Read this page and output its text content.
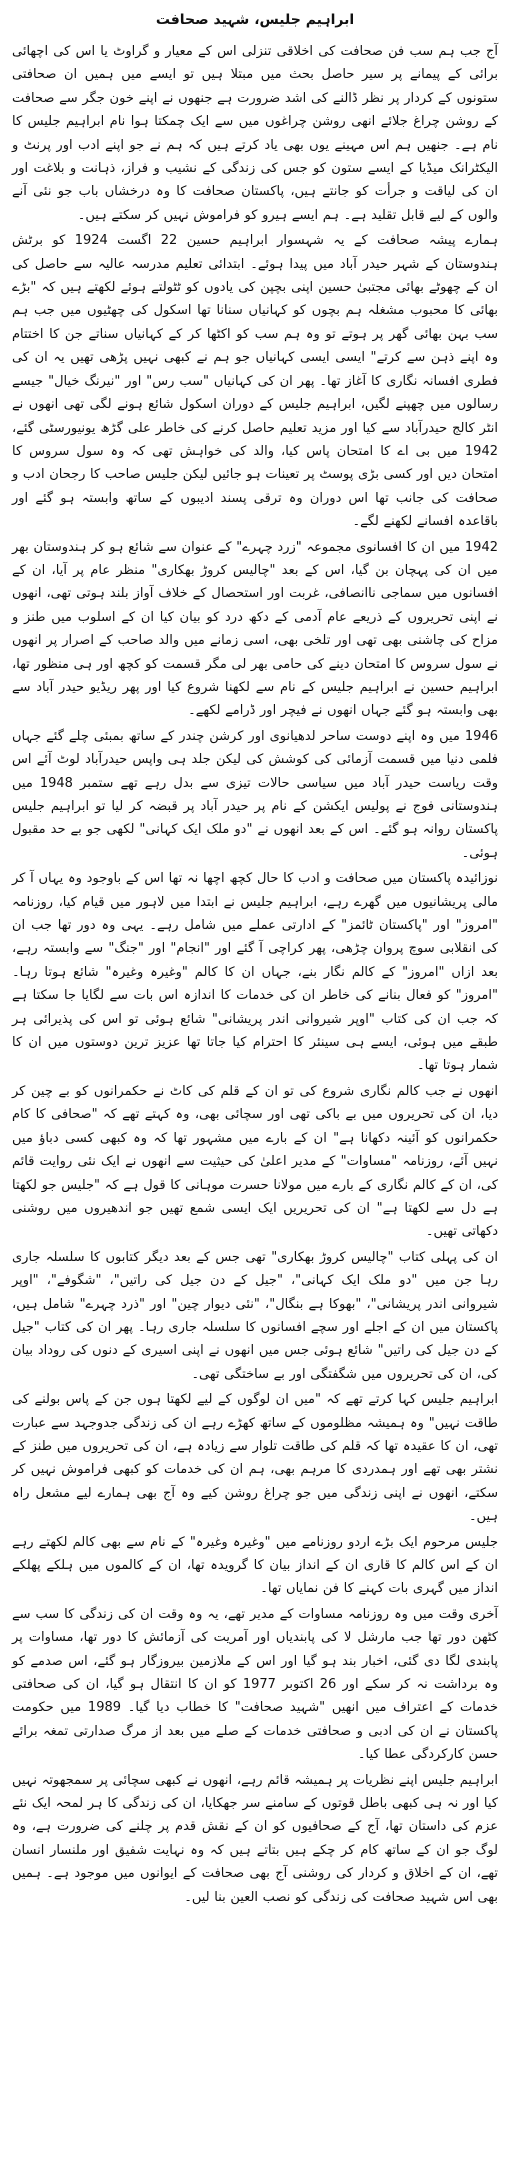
ابراہیم جلیس، شہید صحافت

آج جب ہم سب فن صحافت کی اخلاقی تنزلی اس کے معیار و گراوٹ یا اس کی اچھائی برائی کے پیمانے پر سیر حاصل بحث میں مبتلا ہیں تو ایسے میں ہمیں ان صحافتی ستونوں کے کردار پر نظر ڈالنے کی اشد ضرورت ہے جنھوں نے اپنے خون جگر سے صحافت کے روشن چراغ جلائے انھی روشن چراغوں میں سے ایک چمکتا ہوا نام ابراہیم جلیس کا نام ہے۔ جنھیں ہم اس مہینے یوں بھی یاد کرتے ہیں کہ ہم نے جو اپنے ادب اور پرنٹ و الیکٹرانک میڈیا کے ایسے ستون کو جس کی زندگی کے نشیب و فراز، ذہانت و بلاغت اور ان کی لیاقت و جرأت کو جانتے ہیں، پاکستان صحافت کا وہ درخشاں باب جو نئی آنے والوں کے لیے قابل تقلید ہے۔ ہم ایسے ہیرو کو فراموش نہیں کر سکتے ہیں۔

ہمارے پیشہ صحافت کے یہ شہسوار ابراہیم حسین 22 اگست 1924 کو برٹش ہندوستان کے شہر حیدر آباد میں پیدا ہوئے۔ ابتدائی تعلیم مدرسہ عالیہ سے حاصل کی ان کے چھوٹے بھائی مجتبیٰ حسین اپنی بچپن کی یادوں کو ٹٹولتے ہوئے لکھتے ہیں کہ "بڑے بھائی کا محبوب مشغلہ ہم بچوں کو کہانیاں سنانا تھا اسکول کی چھٹیوں میں جب ہم سب بہن بھائی گھر پر ہوتے تو وہ ہم سب کو اکٹھا کر کے کہانیاں سناتے جن کا اختتام وہ اپنے ذہن سے کرتے" ایسی ایسی کہانیاں جو ہم نے کبھی نہیں پڑھی تھیں یہ ان کی فطری افسانہ نگاری کا آغاز تھا۔ پھر ان کی کہانیاں "سب رس" اور "نیرنگ خیال" جیسے رسالوں میں چھپنے لگیں، ابراہیم جلیس کے دوران اسکول شائع ہونے لگی تھی انھوں نے انٹر کالج حیدرآباد سے کیا اور مزید تعلیم حاصل کرنے کی خاطر علی گڑھ یونیورسٹی گئے، 1942 میں بی اے کا امتحان پاس کیا، والد کی خواہش تھی کہ وہ سول سروس کا امتحان دیں اور کسی بڑی پوسٹ پر تعینات ہو جائیں لیکن جلیس صاحب کا رجحان ادب و صحافت کی جانب تھا اس دوران وہ ترقی پسند ادیبوں کے ساتھ وابستہ ہو گئے اور باقاعدہ افسانے لکھنے لگے۔

1942 میں ان کا افسانوی مجموعہ "زرد چہرے" کے عنوان سے شائع ہو کر ہندوستان بھر میں ان کی پہچان بن گیا، اس کے بعد "چالیس کروڑ بھکاری" منظر عام پر آیا، ان کے افسانوں میں سماجی ناانصافی، غربت اور استحصال کے خلاف آواز بلند ہوتی تھی، انھوں نے اپنی تحریروں کے ذریعے عام آدمی کے دکھ درد کو بیان کیا ان کے اسلوب میں طنز و مزاح کی چاشنی بھی تھی اور تلخی بھی، اسی زمانے میں والد صاحب کے اصرار پر انھوں نے سول سروس کا امتحان دینے کی حامی بھر لی مگر قسمت کو کچھ اور ہی منظور تھا، ابراہیم حسین نے ابراہیم جلیس کے نام سے لکھنا شروع کیا اور پھر ریڈیو حیدر آباد سے بھی وابستہ ہو گئے جہاں انھوں نے فیچر اور ڈرامے لکھے۔

1946 میں وہ اپنے دوست ساحر لدھیانوی اور کرشن چندر کے ساتھ بمبئی چلے گئے جہاں فلمی دنیا میں قسمت آزمائی کی کوشش کی لیکن جلد ہی واپس حیدرآباد لوٹ آئے اس وقت ریاست حیدر آباد میں سیاسی حالات تیزی سے بدل رہے تھے ستمبر 1948 میں ہندوستانی فوج نے پولیس ایکشن کے نام پر حیدر آباد پر قبضہ کر لیا تو ابراہیم جلیس پاکستان روانہ ہو گئے۔ اس کے بعد انھوں نے "دو ملک ایک کہانی" لکھی جو بے حد مقبول ہوئی۔

نوزائیدہ پاکستان میں صحافت و ادب کا حال کچھ اچھا نہ تھا اس کے باوجود وہ یہاں آ کر مالی پریشانیوں میں گھرے رہے، ابراہیم جلیس نے ابتدا میں لاہور میں قیام کیا، روزنامہ "امروز" اور "پاکستان ٹائمز" کے ادارتی عملے میں شامل رہے۔ یہی وہ دور تھا جب ان کی انقلابی سوچ پروان چڑھی، پھر کراچی آ گئے اور "انجام" اور "جنگ" سے وابستہ رہے، بعد ازاں "امروز" کے کالم نگار بنے، جہاں ان کا کالم "وغیرہ وغیرہ" شائع ہوتا رہا۔ "امروز" کو فعال بنانے کی خاطر ان کی خدمات کا اندازہ اس بات سے لگایا جا سکتا ہے کہ جب ان کی کتاب "اوپر شیروانی اندر پریشانی" شائع ہوئی تو اس کی پذیرائی ہر طبقے میں ہوئی، ایسے ہی سینئر کا احترام کیا جاتا تھا عزیز ترین دوستوں میں ان کا شمار ہوتا تھا۔

انھوں نے جب کالم نگاری شروع کی تو ان کے قلم کی کاٹ نے حکمرانوں کو بے چین کر دیا، ان کی تحریروں میں بے باکی تھی اور سچائی بھی، وہ کہتے تھے کہ "صحافی کا کام حکمرانوں کو آئینہ دکھانا ہے" ان کے بارے میں مشہور تھا کہ وہ کبھی کسی دباؤ میں نہیں آئے، روزنامہ "مساوات" کے مدیر اعلیٰ کی حیثیت سے انھوں نے ایک نئی روایت قائم کی، ان کے کالم نگاری کے بارے میں مولانا حسرت موہانی کا قول ہے کہ "جلیس جو لکھتا ہے دل سے لکھتا ہے" ان کی تحریریں ایک ایسی شمع تھیں جو اندھیروں میں روشنی دکھاتی تھیں۔

ان کی پہلی کتاب "چالیس کروڑ بھکاری" تھی جس کے بعد دیگر کتابوں کا سلسلہ جاری رہا جن میں "دو ملک ایک کہانی"، "جیل کے دن جیل کی راتیں"، "شگوفے"، "اوپر شیروانی اندر پریشانی"، "بھوکا ہے بنگال"، "نئی دیوار چین" اور "ذرد چہرے" شامل ہیں، پاکستان میں ان کے اجلے اور سچے افسانوں کا سلسلہ جاری رہا۔ پھر ان کی کتاب "جیل کے دن جیل کی راتیں" شائع ہوئی جس میں انھوں نے اپنی اسیری کے دنوں کی روداد بیان کی، ان کی تحریروں میں شگفتگی اور بے ساختگی تھی۔

ابراہیم جلیس کہا کرتے تھے کہ "میں ان لوگوں کے لیے لکھتا ہوں جن کے پاس بولنے کی طاقت نہیں" وہ ہمیشہ مظلوموں کے ساتھ کھڑے رہے ان کی زندگی جدوجہد سے عبارت تھی، ان کا عقیدہ تھا کہ قلم کی طاقت تلوار سے زیادہ ہے، ان کی تحریروں میں طنز کے نشتر بھی تھے اور ہمدردی کا مرہم بھی، ہم ان کی خدمات کو کبھی فراموش نہیں کر سکتے، انھوں نے اپنی زندگی میں جو چراغ روشن کیے وہ آج بھی ہمارے لیے مشعل راہ ہیں۔

جلیس مرحوم ایک بڑے اردو روزنامے میں "وغیرہ وغیرہ" کے نام سے بھی کالم لکھتے رہے ان کے اس کالم کا قاری ان کے انداز بیان کا گرویدہ تھا، ان کے کالموں میں ہلکے پھلکے انداز میں گہری بات کہنے کا فن نمایاں تھا۔

آخری وقت میں وہ روزنامہ مساوات کے مدیر تھے، یہ وہ وقت ان کی زندگی کا سب سے کٹھن دور تھا جب مارشل لا کی پابندیاں اور آمریت کی آزمائش کا دور تھا، مساوات پر پابندی لگا دی گئی، اخبار بند ہو گیا اور اس کے ملازمین بیروزگار ہو گئے، اس صدمے کو وہ برداشت نہ کر سکے اور 26 اکتوبر 1977 کو ان کا انتقال ہو گیا، ان کی صحافتی خدمات کے اعتراف میں انھیں "شہید صحافت" کا خطاب دیا گیا۔ 1989 میں حکومت پاکستان نے ان کی ادبی و صحافتی خدمات کے صلے میں بعد از مرگ صدارتی تمغہ برائے حسن کارکردگی عطا کیا۔

ابراہیم جلیس اپنے نظریات پر ہمیشہ قائم رہے، انھوں نے کبھی سچائی پر سمجھوتہ نہیں کیا اور نہ ہی کبھی باطل قوتوں کے سامنے سر جھکایا، ان کی زندگی کا ہر لمحہ ایک نئے عزم کی داستان تھا، آج کے صحافیوں کو ان کے نقش قدم پر چلنے کی ضرورت ہے، وہ لوگ جو ان کے ساتھ کام کر چکے ہیں بتاتے ہیں کہ وہ نہایت شفیق اور ملنسار انسان تھے، ان کے اخلاق و کردار کی روشنی آج بھی صحافت کے ایوانوں میں موجود ہے۔ ہمیں بھی اس شہید صحافت کی زندگی کو نصب العین بنا لیں۔
